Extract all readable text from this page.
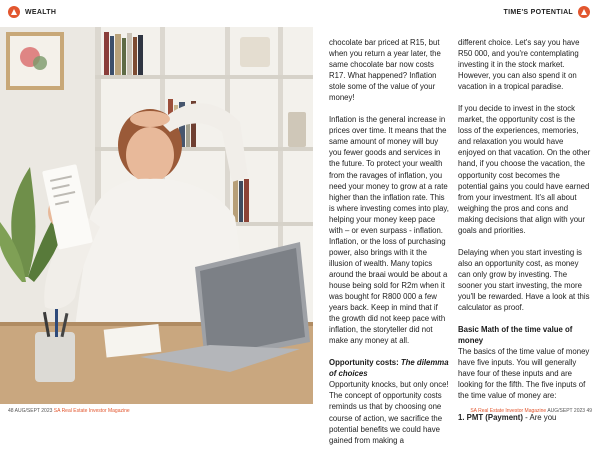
WEALTH	TIME'S POTENTIAL

chocolate bar priced at R15, but when you return a year later, the same chocolate bar now costs R17. What happened? Inflation stole some of the value of your money!

Inflation is the general increase in prices over time. It means that the same amount of money will buy you fewer goods and services in the future. To protect your wealth from the ravages of inflation, you need your money to grow at a rate higher than the inflation rate. This is where investing comes into play, helping your money keep pace with – or even surpass - inflation. Inflation, or the loss of purchasing power, also brings with it the illusion of wealth. Many topics around the braai would be about a house being sold for R2m when it was bought for R800 000 a few years back. Keep in mind that if the growth did not keep pace with inflation, the storyteller did not make any money at all.

Opportunity costs: The dilemma of choices

Opportunity knocks, but only once! The concept of opportunity costs reminds us that by choosing one course of action, we sacrifice the potential benefits we could have gained from making a

different choice. Let's say you have R50 000, and you're contemplating investing it in the stock market. However, you can also spend it on vacation in a tropical paradise.

If you decide to invest in the stock market, the opportunity cost is the loss of the experiences, memories, and relaxation you would have enjoyed on that vacation. On the other hand, if you choose the vacation, the opportunity cost becomes the potential gains you could have earned from your investment. It's all about weighing the pros and cons and making decisions that align with your goals and priorities.

Delaying when you start investing is also an opportunity cost, as money can only grow by investing. The sooner you start investing, the more you'll be rewarded. Have a look at this calculator as proof.

Basic Math of the time value of money

The basics of the time value of money have five inputs. You will generally have four of these inputs and are looking for the fifth. The five inputs of the time value of money are:

1. PMT (Payment) - Are you

48 AUG/SEPT 2023 SA Real Estate Investor Magazine	SA Real Estate Investor Magazine AUG/SEPT 2023 49
